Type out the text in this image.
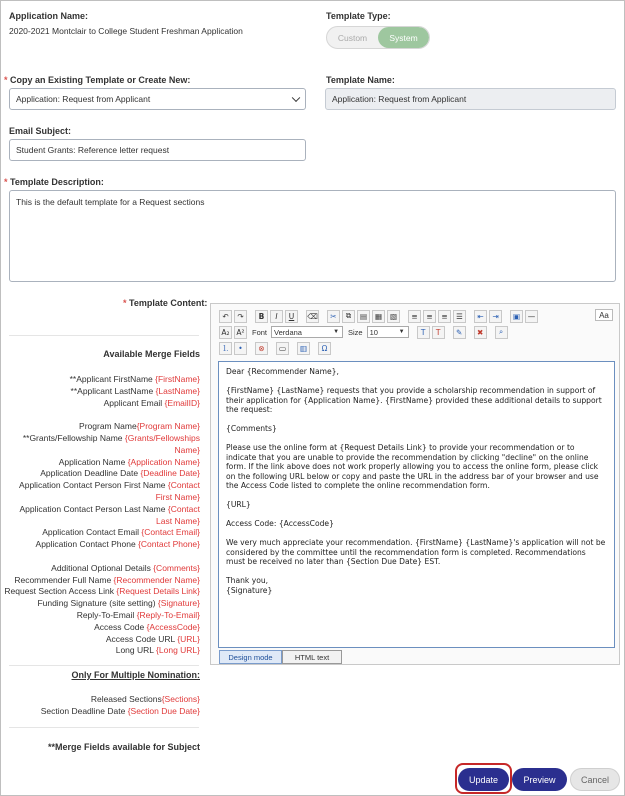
Application Name:
2020-2021 Montclair to College Student Freshman Application
Template Type:
Custom	System
* Copy an Existing Template or Create New:
Application: Request from Applicant
Template Name:
Application: Request from Applicant
Email Subject:
Student Grants: Reference letter request
* Template Description:
This is the default template for a Request sections
* Template Content:
Available Merge Fields
**Applicant FirstName {FirstName}
**Applicant LastName {LastName}
Applicant Email {EmailID}
Program Name{Program Name}
**Grants/Fellowship Name {Grants/Fellowships
Name}
Application Name {Application Name}
Application Deadline Date {Deadline Date}
Application Contact Person First Name {Contact
First Name}
Application Contact Person Last Name {Contact
Last Name}
Application Contact Email {Contact Email}
Application Contact Phone {Contact Phone}
Additional Optional Details {Comments}
Recommender Full Name {Recommender Name}
Request Section Access Link {Request Details Link}
Funding Signature (site setting) {Signature}
Reply-To-Email {Reply-To-Email}
Access Code {AccessCode}
Access Code URL {URL}
Long URL {Long URL}
Only For Multiple Nomination:
Released Sections{Sections}
Section Deadline Date {Section Due Date}
**Merge Fields available for Subject
↶	↷	B	I	U	⌫	✂	⧉	▤	▦	▧	≡	≡	≡	☰	⇤	⇥	▣	—	Aa
A₂ A² Font Verdana	▼ Size 10	▼	T	T	✎	✖	⌕
⒈	•	⊗	▭	▥	Ω

Dear {Recommender Name},

{FirstName} {LastName} requests that you provide a scholarship recommendation in support of their application for {Application Name}. {FirstName} provided these additional details to support the request:

{Comments}

Please use the online form at {Request Details Link} to provide your recommendation or to indicate that you are unable to provide the recommendation by clicking "decline" on the online form. If the link above does not work properly allowing you to access the online form, please click on the following URL below or copy and paste the URL in the address bar of your browser and use the Access Code listed to complete the online recommendation form.

{URL}

Access Code: {AccessCode}

We very much appreciate your recommendation. {FirstName} {LastName}'s application will not be considered by the committee until the recommendation form is completed. Recommendations must be received no later than {Section Due Date} EST.

Thank you,
{Signature}

Design mode	HTML text
Update	Preview	Cancel
